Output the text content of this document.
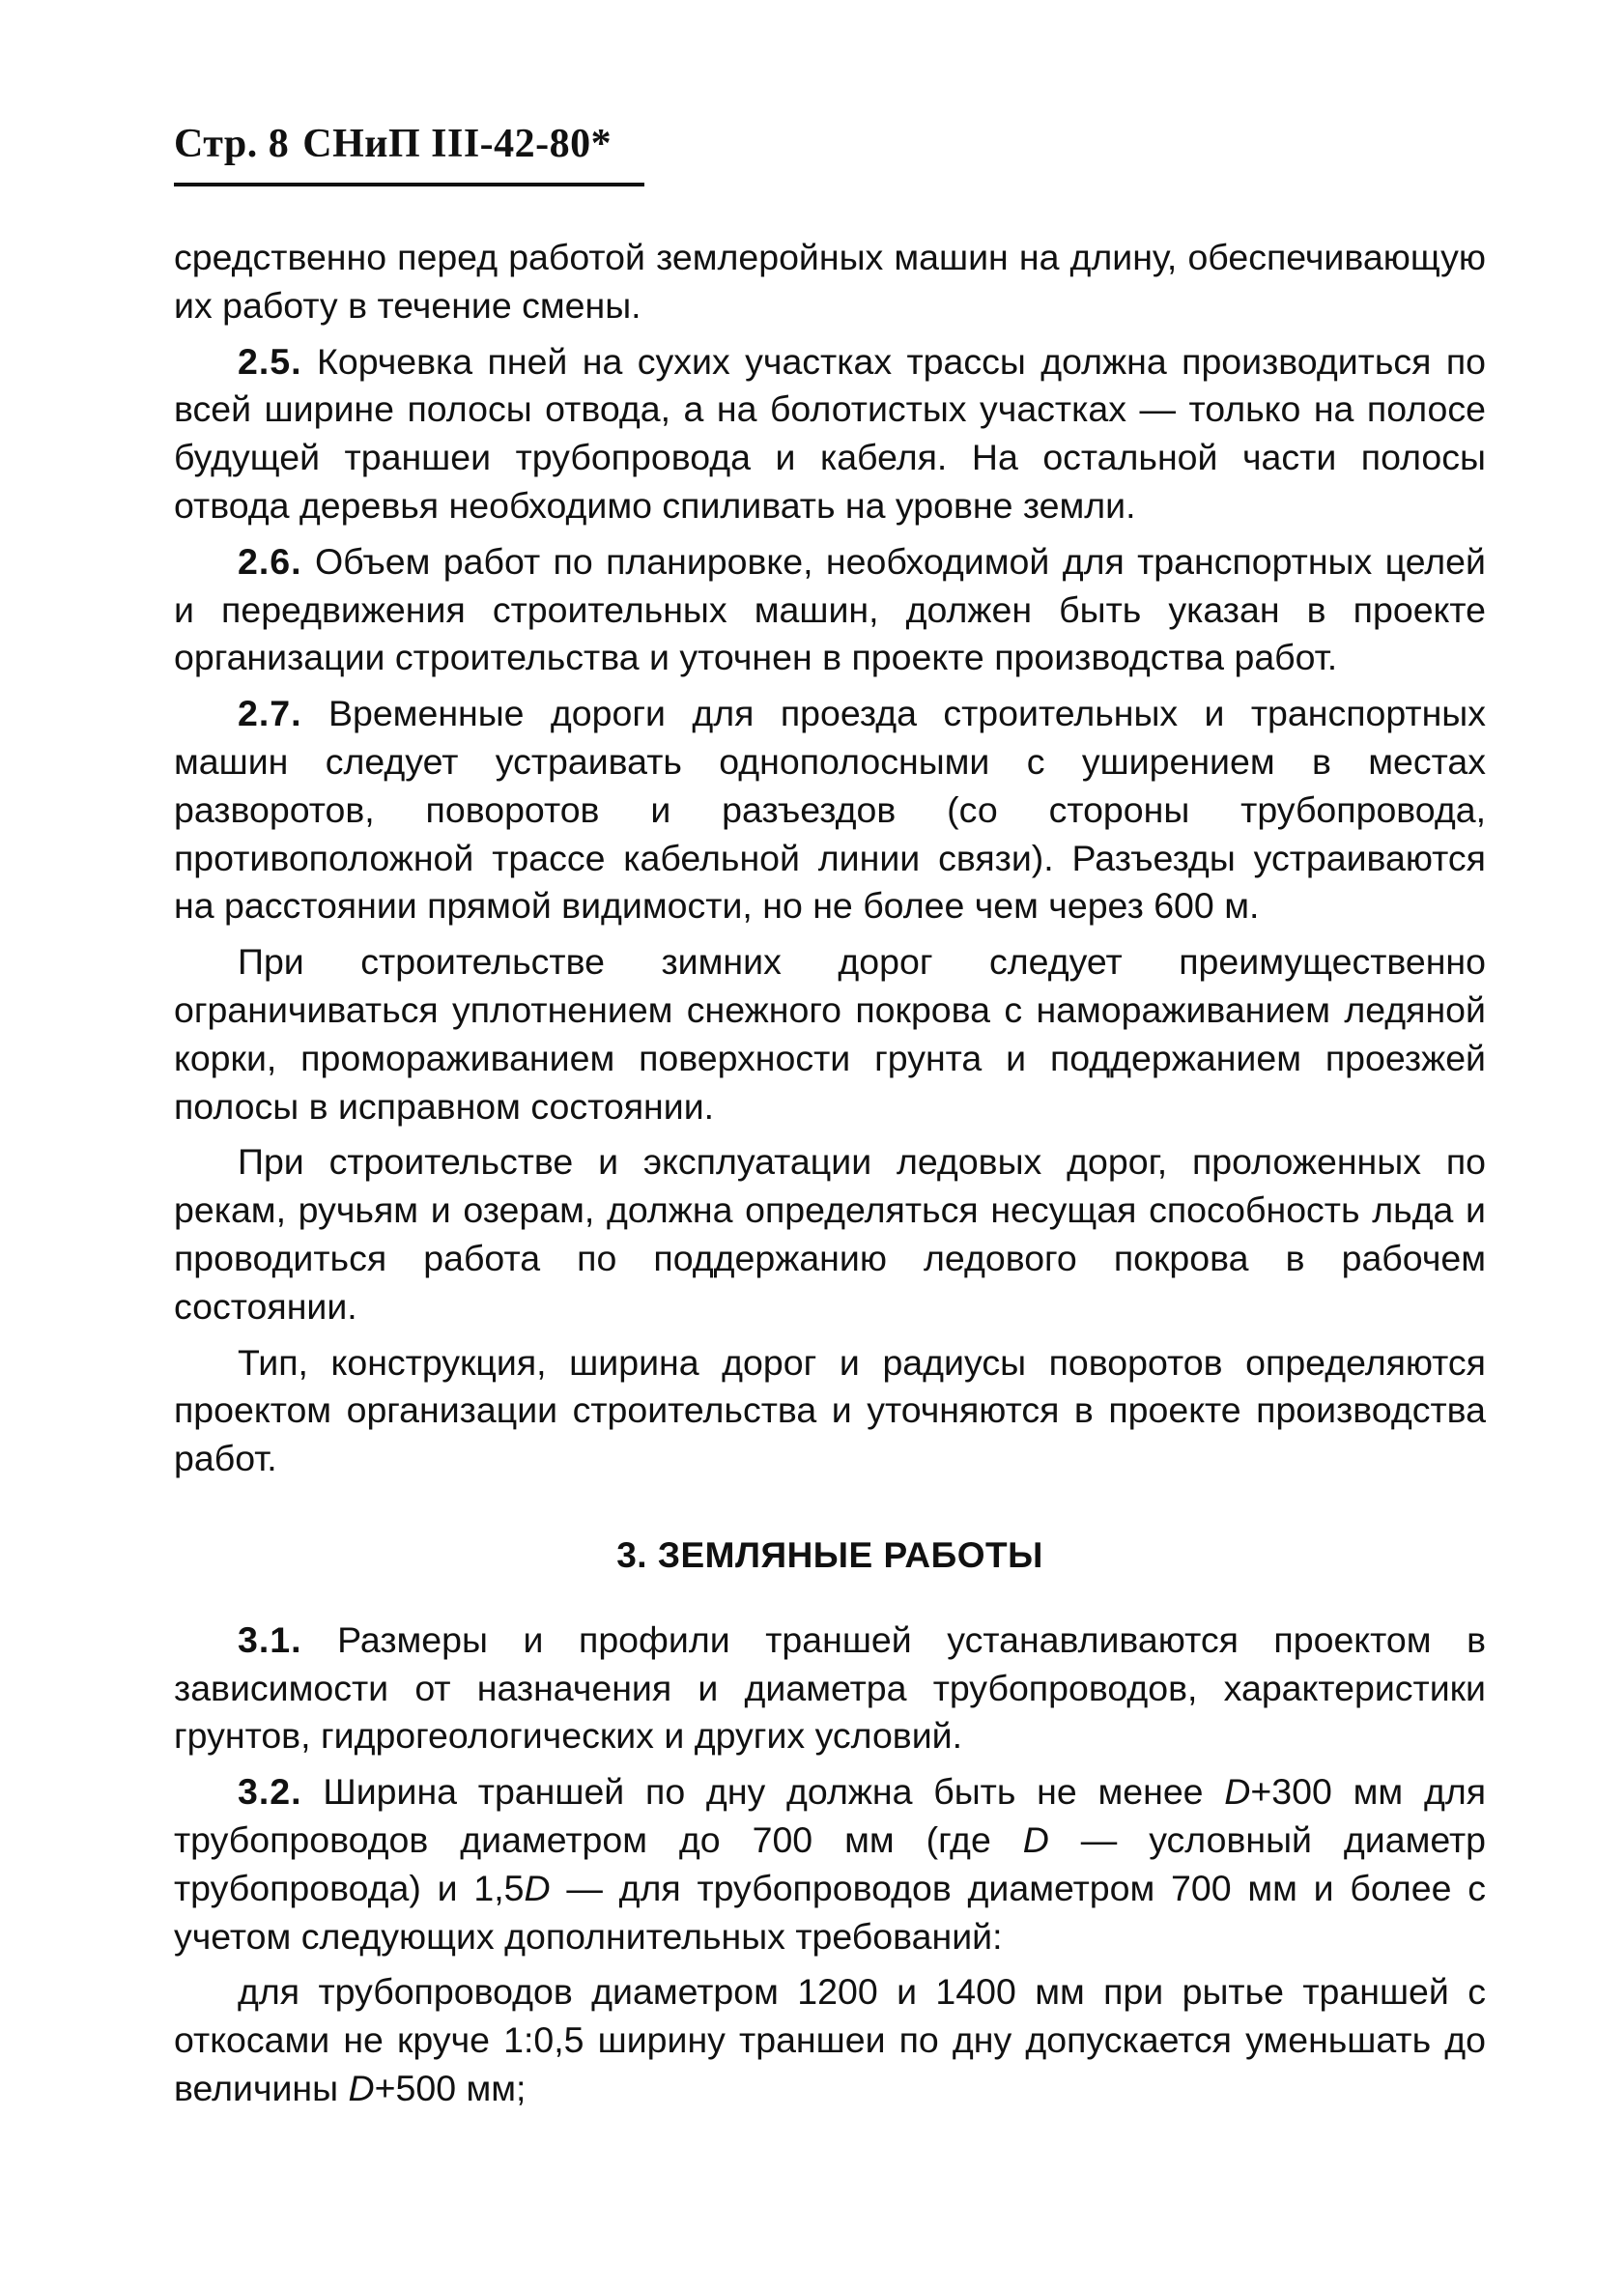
Стр. 8 СНиП III-42-80*

средственно перед работой землеройных машин на длину, обеспечивающую их работу в течение смены.

2.5. Корчевка пней на сухих участках трассы должна производиться по всей ширине полосы отвода, а на болотистых участках — только на полосе будущей траншеи трубопровода и кабеля. На остальной части полосы отвода деревья необходимо спиливать на уровне земли.

2.6. Объем работ по планировке, необходимой для транспортных целей и передвижения строительных машин, должен быть указан в проекте организации строительства и уточнен в проекте производства работ.

2.7. Временные дороги для проезда строительных и транспортных машин следует устраивать однополосными с уширением в местах разворотов, поворотов и разъездов (со стороны трубопровода, противоположной трассе кабельной линии связи). Разъезды устраиваются на расстоянии прямой видимости, но не более чем через 600 м.

При строительстве зимних дорог следует преимущественно ограничиваться уплотнением снежного покрова с намораживанием ледяной корки, промораживанием поверхности грунта и поддержанием проезжей полосы в исправном состоянии.

При строительстве и эксплуатации ледовых дорог, проложенных по рекам, ручьям и озерам, должна определяться несущая способность льда и проводиться работа по поддержанию ледового покрова в рабочем состоянии.

Тип, конструкция, ширина дорог и радиусы поворотов определяются проектом организации строительства и уточняются в проекте производства работ.

3. ЗЕМЛЯНЫЕ РАБОТЫ

3.1. Размеры и профили траншей устанавливаются проектом в зависимости от назначения и диаметра трубопроводов, характеристики грунтов, гидрогеологических и других условий.

3.2. Ширина траншей по дну должна быть не менее D+300 мм для трубопроводов диаметром до 700 мм (где D — условный диаметр трубопровода) и 1,5D — для трубопроводов диаметром 700 мм и более с учетом следующих дополнительных требований:

для трубопроводов диаметром 1200 и 1400 мм при рытье траншей с откосами не круче 1:0,5 ширину траншеи по дну допускается уменьшать до величины D+500 мм;
